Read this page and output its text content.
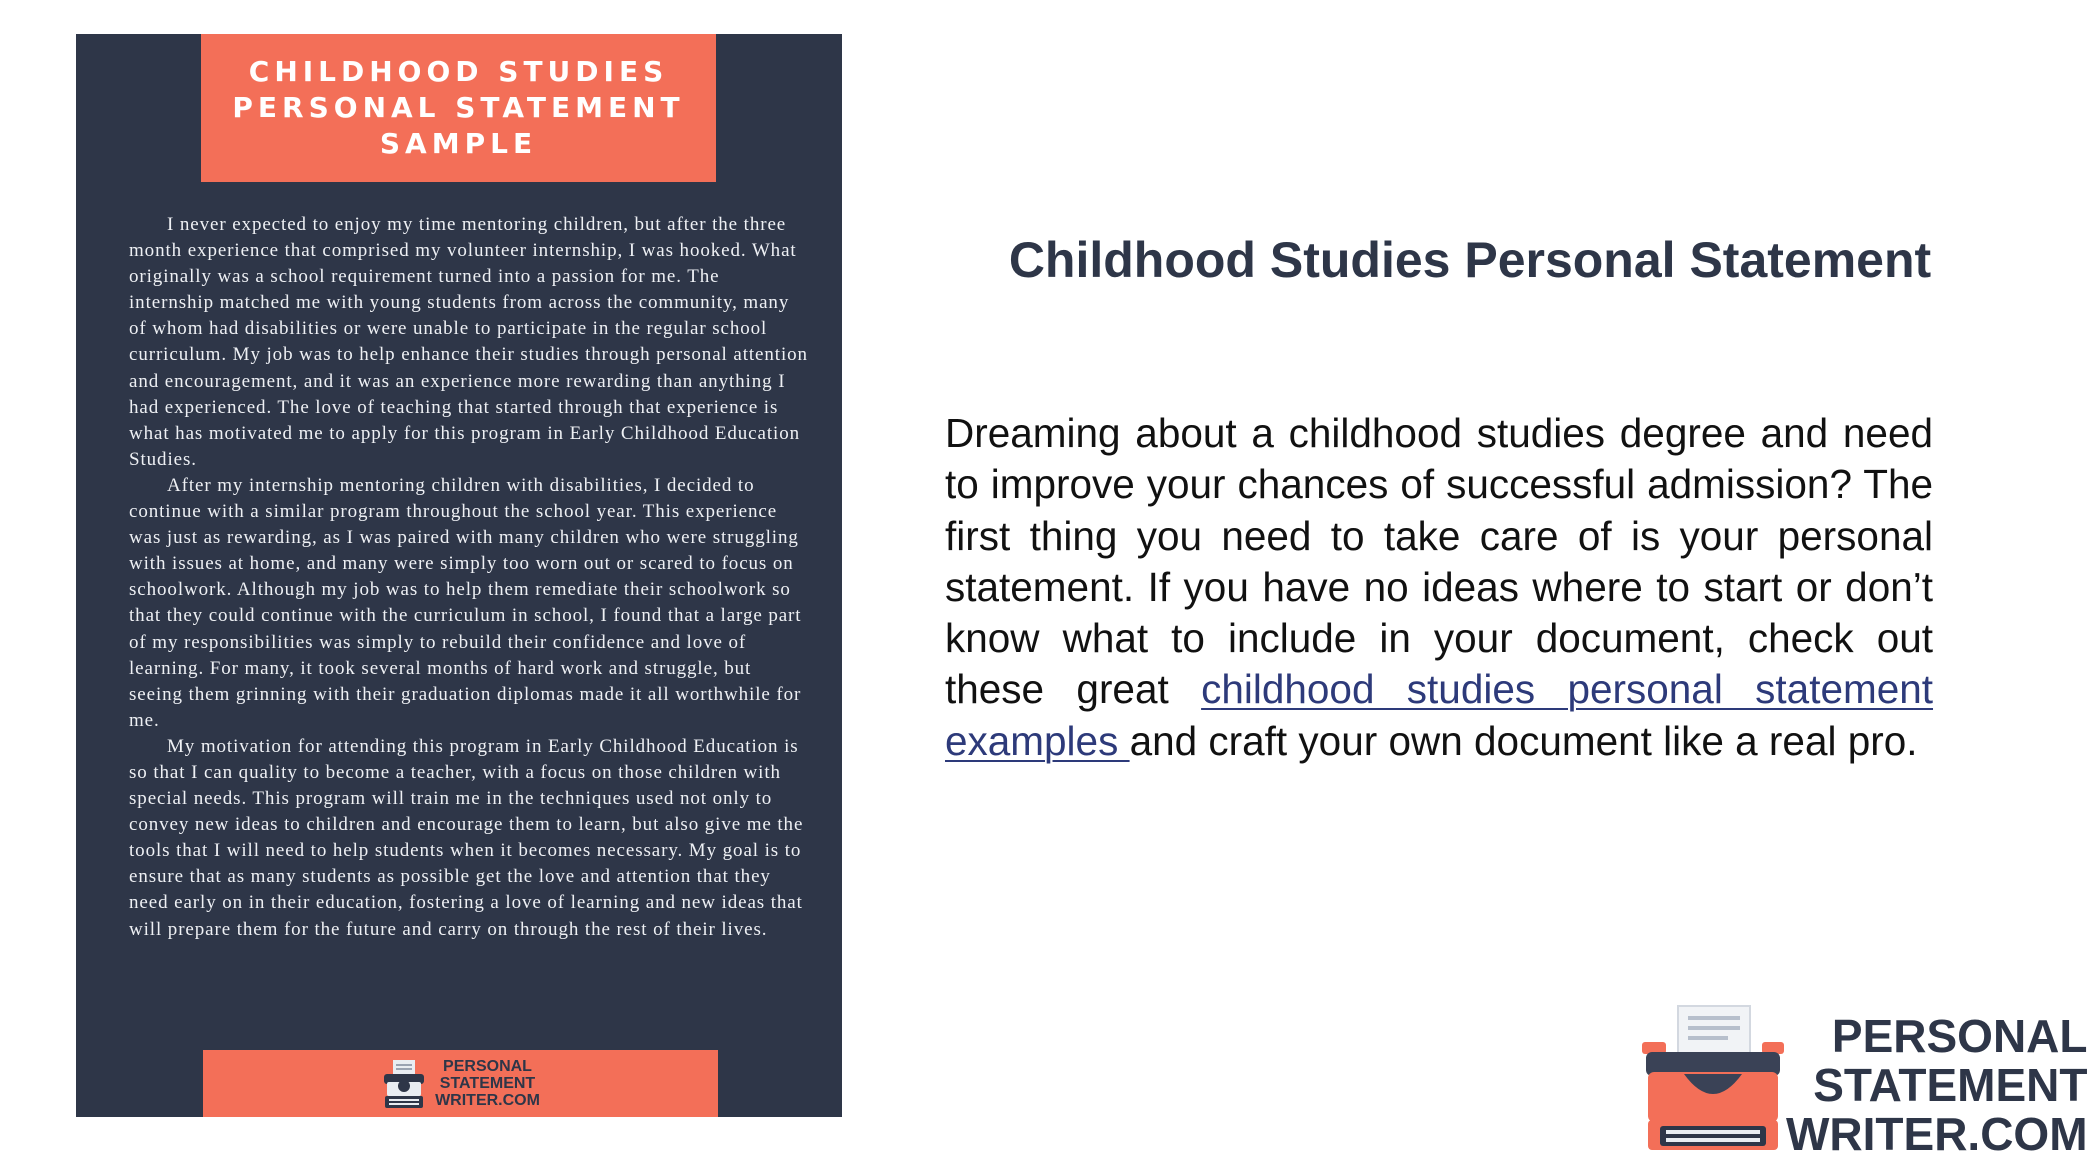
CHILDHOOD STUDIES
PERSONAL STATEMENT
SAMPLE

I never expected to enjoy my time mentoring children, but after the three month experience that comprised my volunteer internship, I was hooked. What originally was a school requirement turned into a passion for me. The internship matched me with young students from across the community, many of whom had disabilities or were unable to participate in the regular school curriculum. My job was to help enhance their studies through personal attention and encouragement, and it was an experience more rewarding than anything I had experienced. The love of teaching that started through that experience is what has motivated me to apply for this program in Early Childhood Education Studies.

After my internship mentoring children with disabilities, I decided to continue with a similar program throughout the school year. This experience was just as rewarding, as I was paired with many children who were struggling with issues at home, and many were simply too worn out or scared to focus on schoolwork. Although my job was to help them remediate their schoolwork so that they could continue with the curriculum in school, I found that a large part of my responsibilities was simply to rebuild their confidence and love of learning. For many, it took several months of hard work and struggle, but seeing them grinning with their graduation diplomas made it all worthwhile for me.

My motivation for attending this program in Early Childhood Education is so that I can quality to become a teacher, with a focus on those children with special needs. This program will train me in the techniques used not only to convey new ideas to children and encourage them to learn, but also give me the tools that I will need to help students when it becomes necessary. My goal is to ensure that as many students as possible get the love and attention that they need early on in their education, fostering a love of learning and new ideas that will prepare them for the future and carry on through the rest of their lives.

PERSONAL
STATEMENT
WRITER.COM
Childhood Studies Personal Statement

Dreaming about a childhood studies degree and need to improve your chances of successful admission? The first thing you need to take care of is your personal statement. If you have no ideas where to start or don’t know what to include in your document, check out these great childhood studies personal statement examples and craft your own document like a real pro.

PERSONAL
STATEMENT
WRITER.COM
